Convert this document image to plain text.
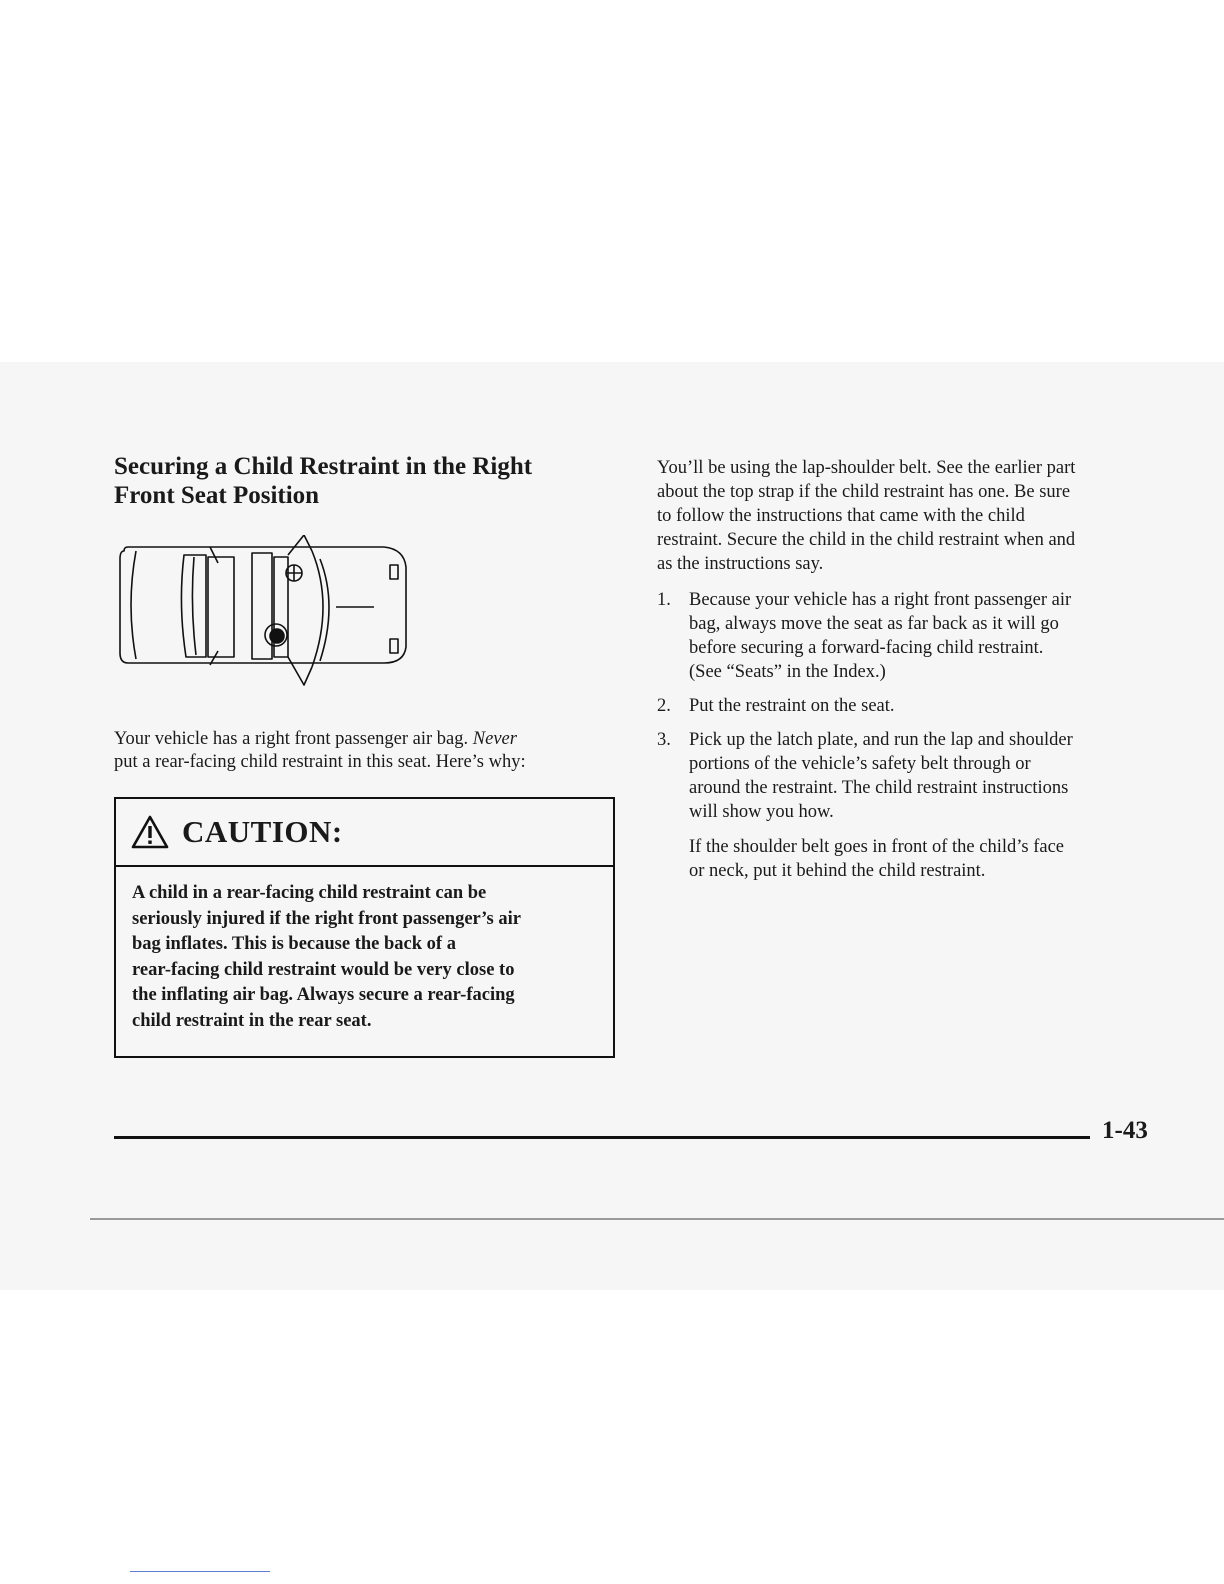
Securing a Child Restraint in the Right
Front Seat Position

Your vehicle has a right front passenger air bag. Never
put a rear-facing child restraint in this seat. Here’s why:

CAUTION:
A child in a rear-facing child restraint can be
seriously injured if the right front passenger’s air
bag inflates. This is because the back of a
rear-facing child restraint would be very close to
the inflating air bag. Always secure a rear-facing
child restraint in the rear seat.

You’ll be using the lap-shoulder belt. See the earlier part
about the top strap if the child restraint has one. Be sure
to follow the instructions that came with the child
restraint. Secure the child in the child restraint when and
as the instructions say.

1. Because your vehicle has a right front passenger air
bag, always move the seat as far back as it will go
before securing a forward-facing child restraint.
(See “Seats” in the Index.)
2. Put the restraint on the seat.
3. Pick up the latch plate, and run the lap and shoulder
portions of the vehicle’s safety belt through or
around the restraint. The child restraint instructions
will show you how.
If the shoulder belt goes in front of the child’s face
or neck, put it behind the child restraint.
1-43
